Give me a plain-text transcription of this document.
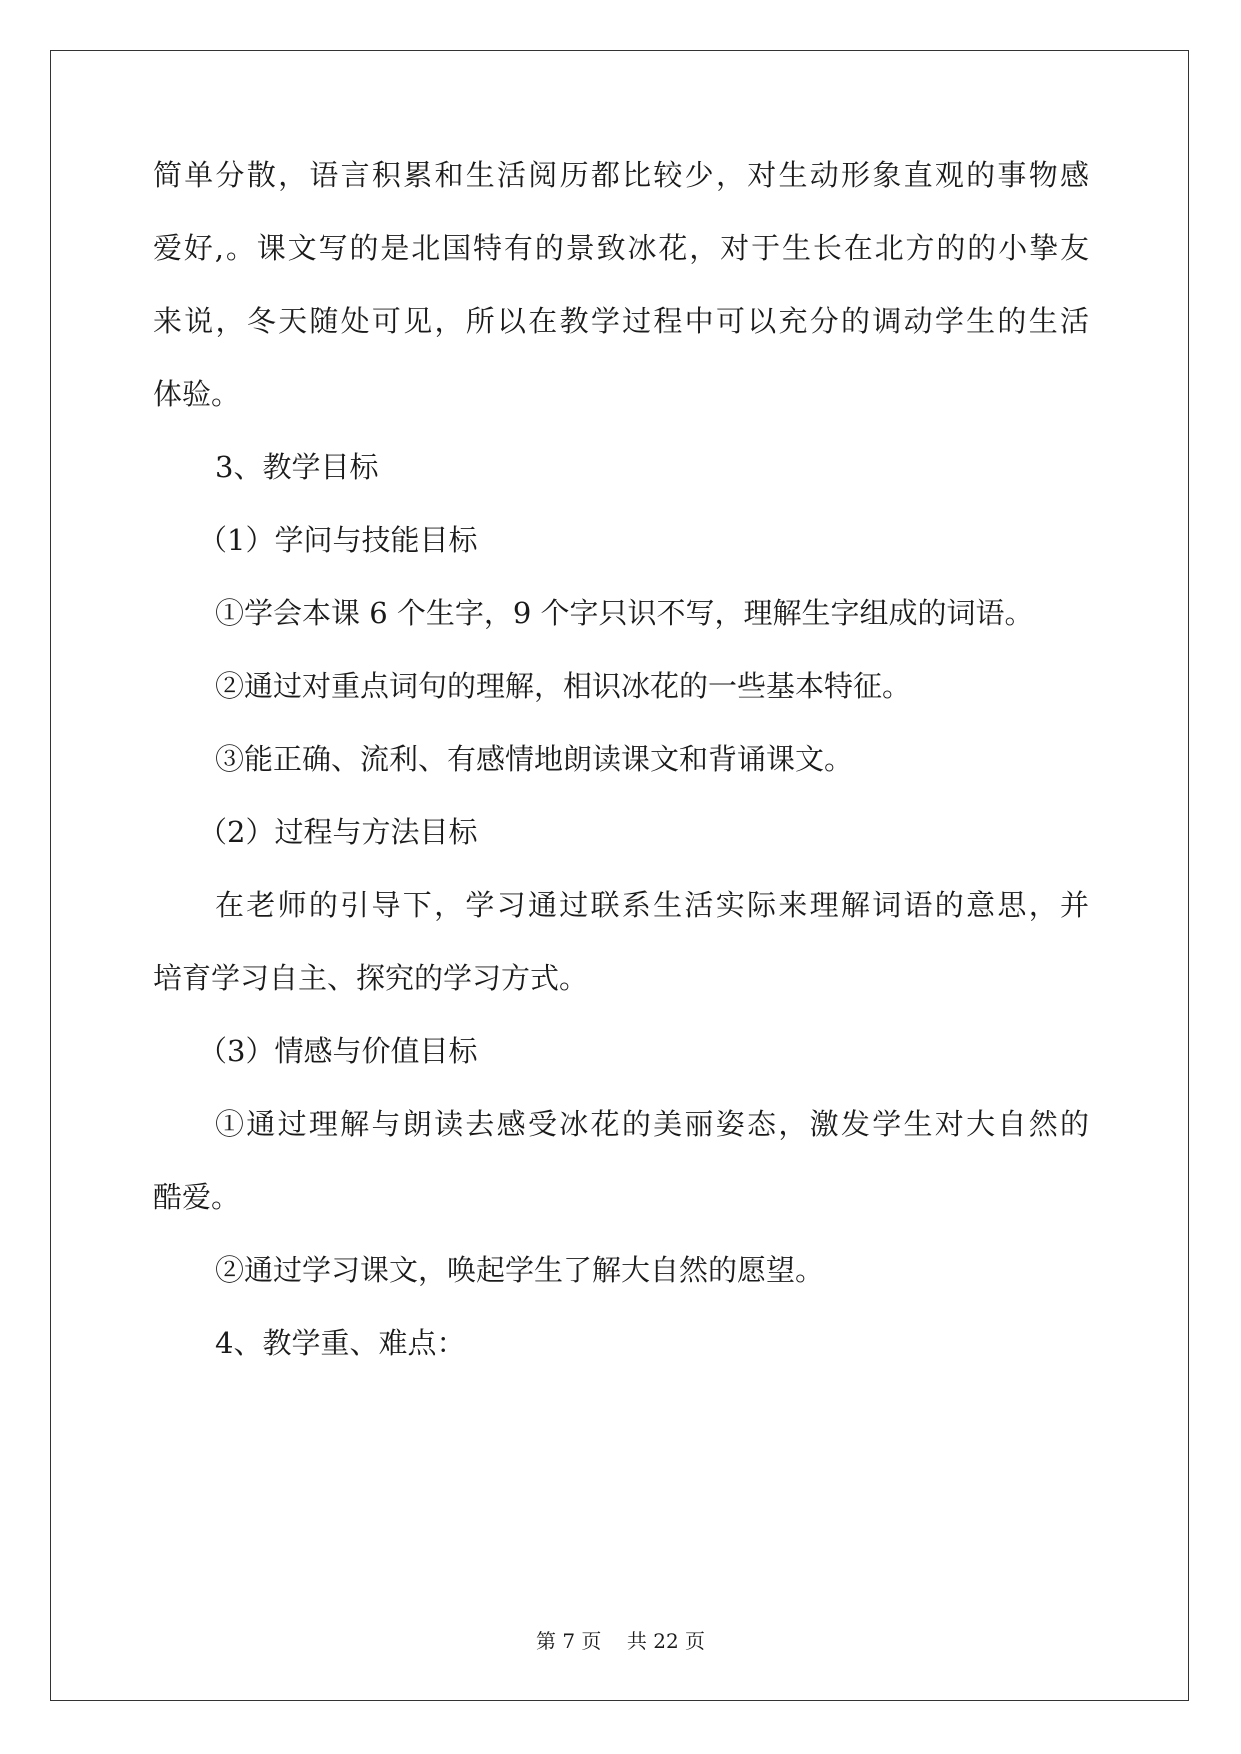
简单分散，语言积累和生活阅历都比较少，对生动形象直观的事物感
爱好,。课文写的是北国特有的景致冰花，对于生长在北方的的小挚友
来说，冬天随处可见，所以在教学过程中可以充分的调动学生的生活
体验。
3、教学目标
（1）学问与技能目标
①学会本课 6 个生字，9 个字只识不写，理解生字组成的词语。
②通过对重点词句的理解，相识冰花的一些基本特征。
③能正确、流利、有感情地朗读课文和背诵课文。
（2）过程与方法目标
在老师的引导下，学习通过联系生活实际来理解词语的意思，并
培育学习自主、探究的学习方式。
（3）情感与价值目标
①通过理解与朗读去感受冰花的美丽姿态，激发学生对大自然的
酷爱。
②通过学习课文，唤起学生了解大自然的愿望。
4、教学重、难点：
第 7 页 共 22 页
